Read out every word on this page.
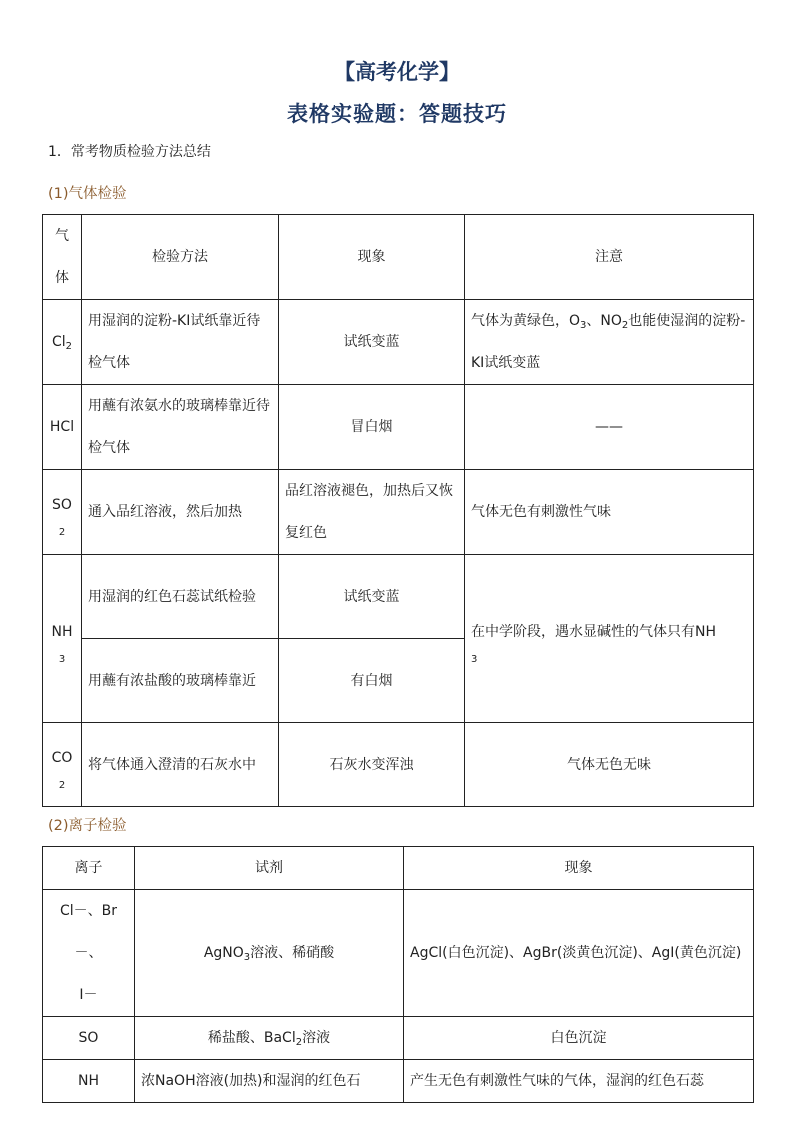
【高考化学】
表格实验题：答题技巧
1．常考物质检验方法总结
(1)气体检验
气
体	检验方法	现象	注意
$Cl_2$	用湿润的淀粉-KI试纸靠近待检气体	试纸变蓝	气体为黄绿色，$O_3$、$NO_2$也能使湿润的淀粉-KI试纸变蓝
HCl	用蘸有浓氨水的玻璃棒靠近待检气体	冒白烟	——

SO
2	通入品红溶液，然后加热	品红溶液褪色，加热后又恢复红色	气体无色有刺激性气味

NH
3	用湿润的红色石蕊试纸检验	试纸变蓝	在中学阶段，遇水显碱性的气体只有NH
3

	用蘸有浓盐酸的玻璃棒靠近	有白烟	

CO
2	将气体通入澄清的石灰水中	石灰水变浑浊	气体无色无味
(2)离子检验
离子	试剂	现象

Cl－、Br－、
I－	AgNO$_3$溶液、稀硝酸	AgCl(白色沉淀)、AgBr(淡黄色沉淀)、AgI(黄色沉淀)
SO	稀盐酸、BaCl$_2$溶液	白色沉淀
NH	浓NaOH溶液(加热)和湿润的红色石	产生无色有刺激性气味的气体，湿润的红色石蕊
